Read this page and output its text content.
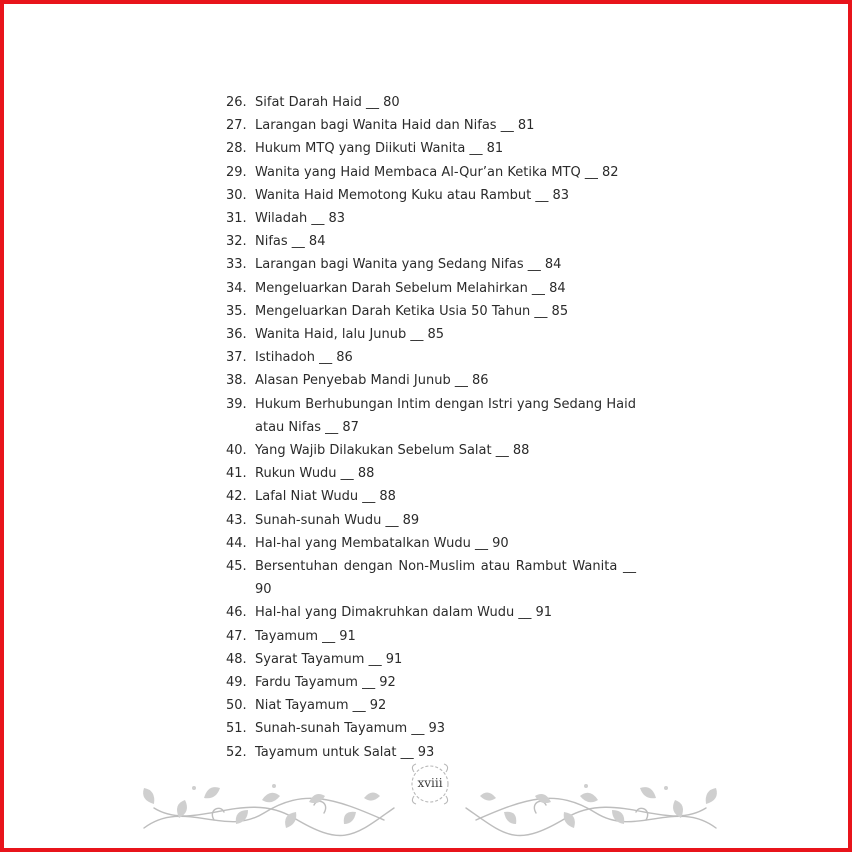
26. Sifat Darah Haid __ 80
27. Larangan bagi Wanita Haid dan Nifas __ 81
28. Hukum MTQ yang Diikuti Wanita __ 81
29. Wanita yang Haid Membaca Al-Qur’an Ketika MTQ __ 82
30. Wanita Haid Memotong Kuku atau Rambut __ 83
31. Wiladah __ 83
32. Nifas __ 84
33. Larangan bagi Wanita yang Sedang Nifas __ 84
34. Mengeluarkan Darah Sebelum Melahirkan __ 84
35. Mengeluarkan Darah Ketika Usia 50 Tahun __ 85
36. Wanita Haid, lalu Junub __ 85
37. Istihadoh __ 86
38. Alasan Penyebab Mandi Junub __ 86
39. Hukum Berhubungan Intim dengan Istri yang Sedang Haid atau Nifas __ 87
40. Yang Wajib Dilakukan Sebelum Salat __ 88
41. Rukun Wudu __ 88
42. Lafal Niat Wudu __ 88
43. Sunah-sunah Wudu __ 89
44. Hal-hal yang Membatalkan Wudu __ 90
45. Bersentuhan dengan Non-Muslim atau Rambut Wanita __ 90
46. Hal-hal yang Dimakruhkan dalam Wudu __ 91
47. Tayamum __ 91
48. Syarat Tayamum __ 91
49. Fardu Tayamum __ 92
50. Niat Tayamum __ 92
51. Sunah-sunah Tayamum __ 93
52. Tayamum untuk Salat __ 93
xviii
